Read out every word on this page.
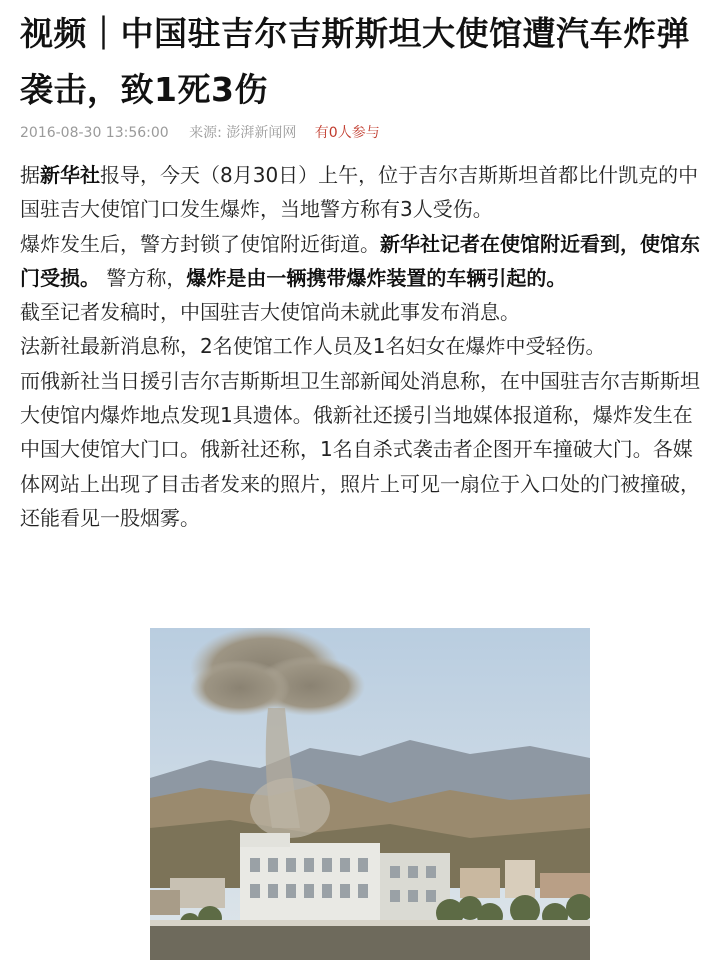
视频｜中国驻吉尔吉斯斯坦大使馆遭汽车炸弹袭击，致1死3伤
2016-08-30 13:56:00 来源: 澎湃新闻网 有0人参与

据新华社报导，今天（8月30日）上午，位于吉尔吉斯斯坦首都比什凯克的中国驻吉大使馆门口发生爆炸，当地警方称有3人受伤。

爆炸发生后，警方封锁了使馆附近街道。新华社记者在使馆附近看到，使馆东门受损。 警方称，爆炸是由一辆携带爆炸装置的车辆引起的。

截至记者发稿时，中国驻吉大使馆尚未就此事发布消息。

法新社最新消息称，2名使馆工作人员及1名妇女在爆炸中受轻伤。

而俄新社当日援引吉尔吉斯斯坦卫生部新闻处消息称，在中国驻吉尔吉斯斯坦大使馆内爆炸地点发现1具遗体。俄新社还援引当地媒体报道称，爆炸发生在中国大使馆大门口。俄新社还称，1名自杀式袭击者企图开车撞破大门。各媒体网站上出现了目击者发来的照片，照片上可见一扇位于入口处的门被撞破，还能看见一股烟雾。
